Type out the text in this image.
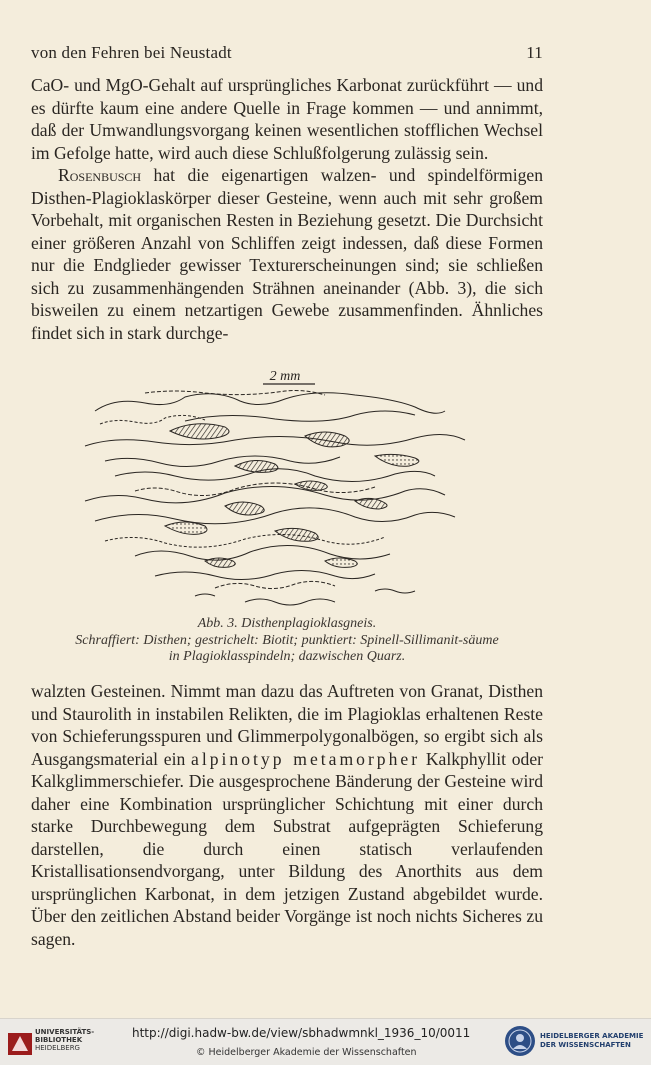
von den Fehren bei Neustadt	11

CaO- und MgO-Gehalt auf ursprüngliches Karbonat zurückführt — und es dürfte kaum eine andere Quelle in Frage kommen — und annimmt, daß der Umwandlungsvorgang keinen wesentlichen stofflichen Wechsel im Gefolge hatte, wird auch diese Schlußfolgerung zulässig sein.

Rosenbusch hat die eigenartigen walzen- und spindelförmigen Disthen-Plagioklaskörper dieser Gesteine, wenn auch mit sehr großem Vorbehalt, mit organischen Resten in Beziehung gesetzt. Die Durchsicht einer größeren Anzahl von Schliffen zeigt indessen, daß diese Formen nur die Endglieder gewisser Texturerscheinungen sind; sie schließen sich zu zusammenhängenden Strähnen aneinander (Abb. 3), die sich bisweilen zu einem netzartigen Gewebe zusammenfinden. Ähnliches findet sich in stark durchge-

2 mm
Abb. 3. Disthenplagioklasgneis.
Schraffiert: Disthen; gestrichelt: Biotit; punktiert: Spinell-Sillimanit-säume
in Plagioklasspindeln; dazwischen Quarz.

walzten Gesteinen. Nimmt man dazu das Auftreten von Granat, Disthen und Staurolith in instabilen Relikten, die im Plagioklas erhaltenen Reste von Schieferungsspuren und Glimmerpolygonalbögen, so ergibt sich als Ausgangsmaterial ein alpinotyp metamorpher Kalkphyllit oder Kalkglimmerschiefer. Die ausgesprochene Bänderung der Gesteine wird daher eine Kombination ursprünglicher Schichtung mit einer durch starke Durchbewegung dem Substrat aufgeprägten Schieferung darstellen, die durch einen statisch verlaufenden Kristallisationsendvorgang, unter Bildung des Anorthits aus dem ursprünglichen Karbonat, in dem jetzigen Zustand abgebildet wurde. Über den zeitlichen Abstand beider Vorgänge ist noch nichts Sicheres zu sagen.

UNIVERSITÄTS-
BIBLIOTHEK
HEIDELBERG
http://digi.hadw-bw.de/view/sbhadwmnkl_1936_10/0011
© Heidelberger Akademie der Wissenschaften
HEIDELBERGER AKADEMIE
DER WISSENSCHAFTEN
